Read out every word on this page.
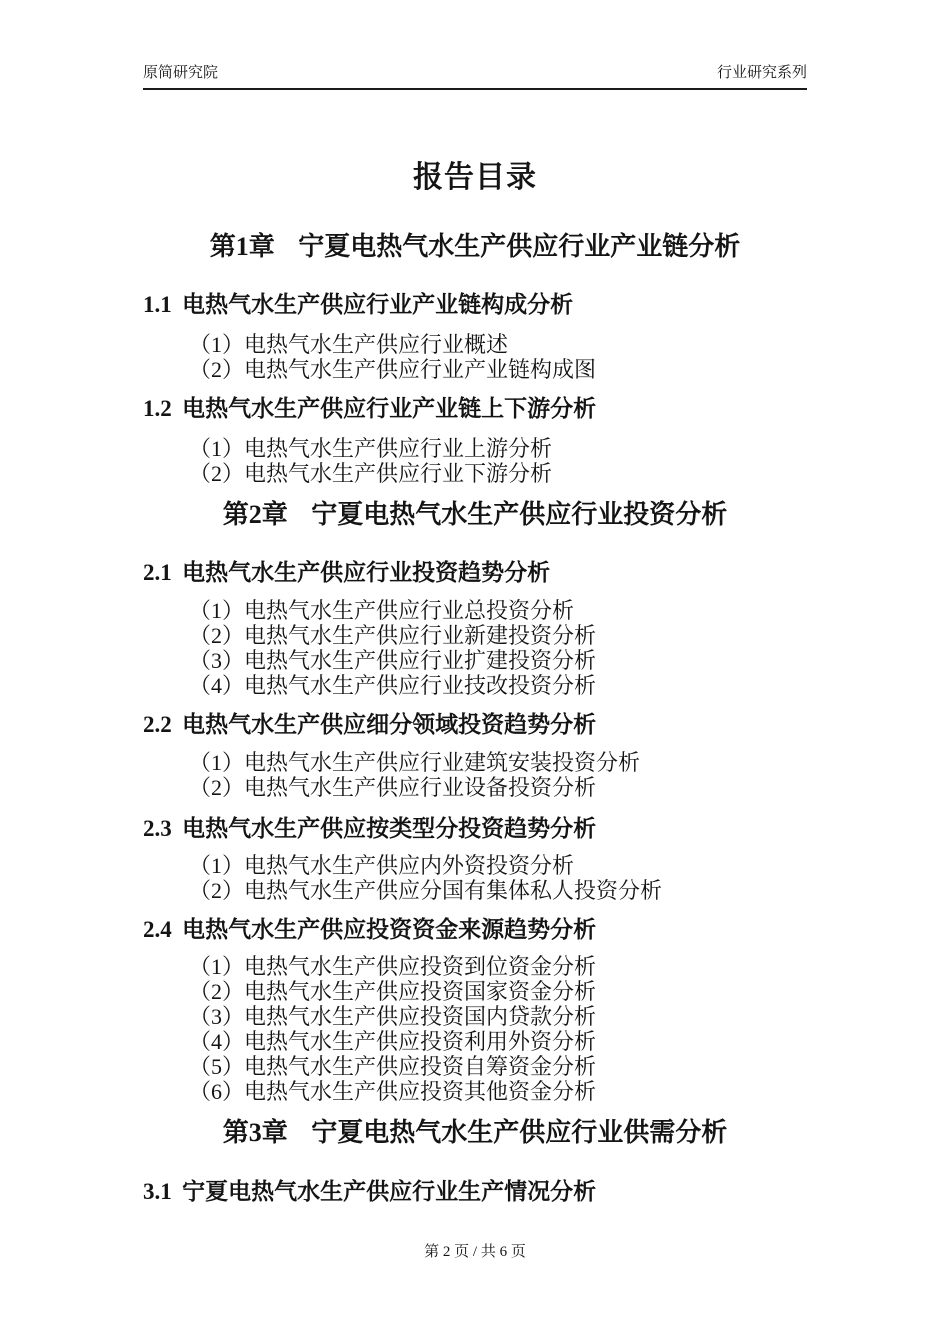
原简研究院	行业研究系列
报告目录
第1章 宁夏电热气水生产供应行业产业链分析
1.1 电热气水生产供应行业产业链构成分析
（1）电热气水生产供应行业概述
（2）电热气水生产供应行业产业链构成图
1.2 电热气水生产供应行业产业链上下游分析
（1）电热气水生产供应行业上游分析
（2）电热气水生产供应行业下游分析
第2章 宁夏电热气水生产供应行业投资分析
2.1 电热气水生产供应行业投资趋势分析
（1）电热气水生产供应行业总投资分析
（2）电热气水生产供应行业新建投资分析
（3）电热气水生产供应行业扩建投资分析
（4）电热气水生产供应行业技改投资分析
2.2 电热气水生产供应细分领域投资趋势分析
（1）电热气水生产供应行业建筑安装投资分析
（2）电热气水生产供应行业设备投资分析
2.3 电热气水生产供应按类型分投资趋势分析
（1）电热气水生产供应内外资投资分析
（2）电热气水生产供应分国有集体私人投资分析
2.4 电热气水生产供应投资资金来源趋势分析
（1）电热气水生产供应投资到位资金分析
（2）电热气水生产供应投资国家资金分析
（3）电热气水生产供应投资国内贷款分析
（4）电热气水生产供应投资利用外资分析
（5）电热气水生产供应投资自筹资金分析
（6）电热气水生产供应投资其他资金分析
第3章 宁夏电热气水生产供应行业供需分析
3.1 宁夏电热气水生产供应行业生产情况分析
第 2 页 / 共 6 页
